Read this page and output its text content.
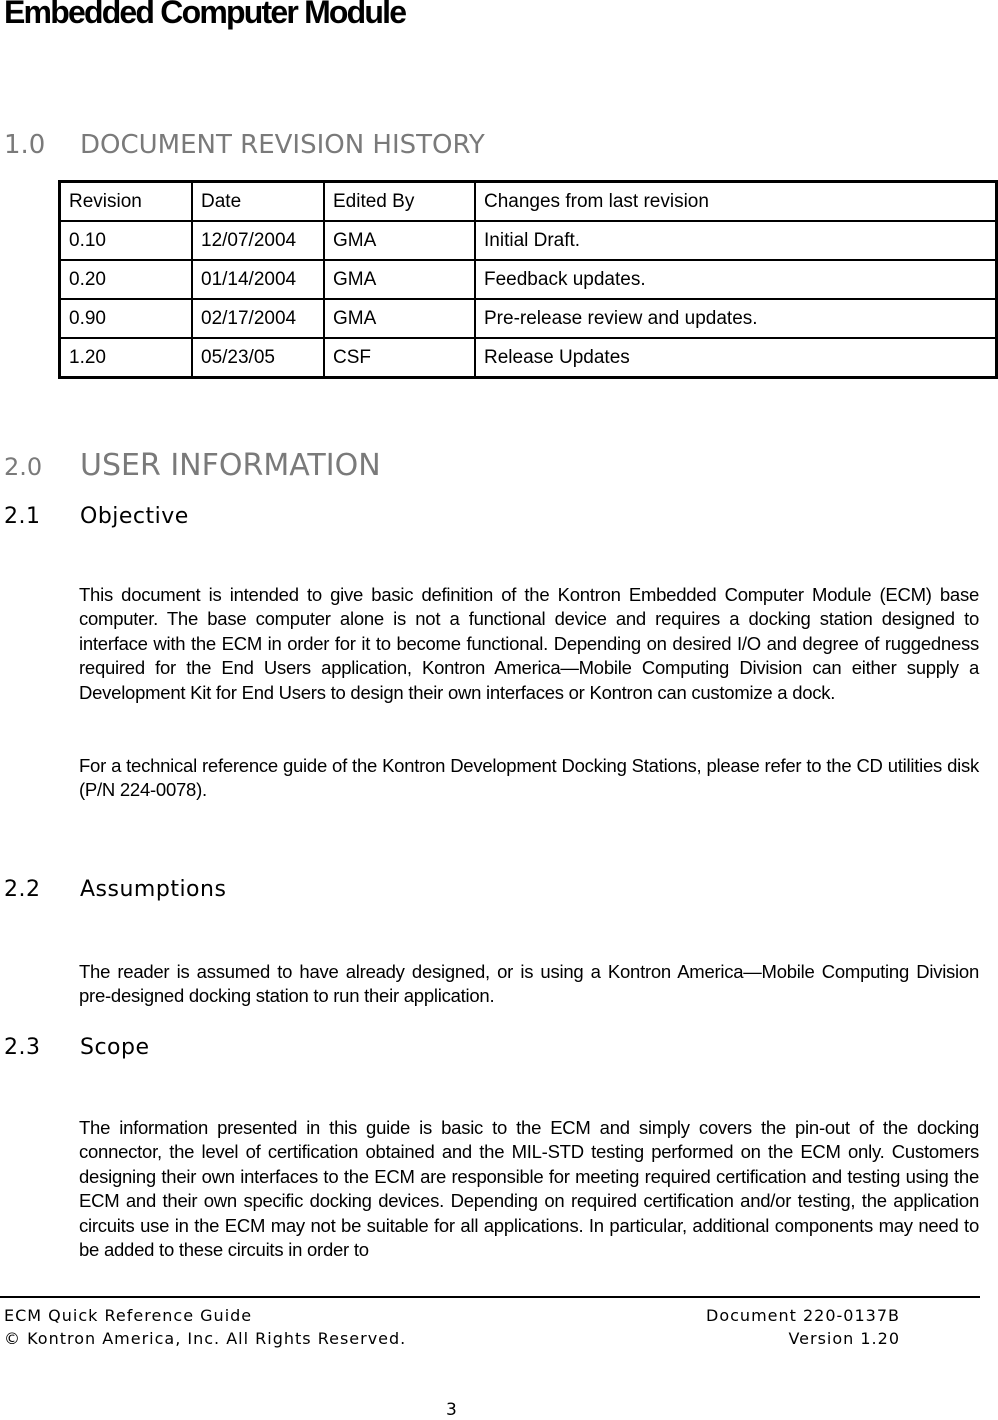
Embedded Computer Module
1.0 DOCUMENT REVISION HISTORY
Revision	Date	Edited By	Changes from last revision
0.10	12/07/2004	GMA	Initial Draft.
0.20	01/14/2004	GMA	Feedback updates.
0.90	02/17/2004	GMA	Pre-release review and updates.
1.20	05/23/05	CSF	Release Updates
2.0 USER INFORMATION
2.1 Objective
This document is intended to give basic definition of the Kontron Embedded Computer Module (ECM) base computer. The base computer alone is not a functional device and requires a docking station designed to interface with the ECM in order for it to become functional. Depending on desired I/O and degree of ruggedness required for the End Users application, Kontron America—Mobile Computing Division can either supply a Development Kit for End Users to design their own interfaces or Kontron can customize a dock.
For a technical reference guide of the Kontron Development Docking Stations, please refer to the CD utilities disk (P/N 224-0078).
2.2 Assumptions
The reader is assumed to have already designed, or is using a Kontron America—Mobile Computing Division pre-designed docking station to run their application.
2.3 Scope
The information presented in this guide is basic to the ECM and simply covers the pin-out of the docking connector, the level of certification obtained and the MIL-STD testing performed on the ECM only. Customers designing their own interfaces to the ECM are responsible for meeting required certification and testing using the ECM and their own specific docking devices. Depending on required certification and/or testing, the application circuits use in the ECM may not be suitable for all applications. In particular, additional components may need to be added to these circuits in order to
ECM Quick Reference Guide
© Kontron America, Inc. All Rights Reserved.
Document 220-0137B
Version 1.20
3
